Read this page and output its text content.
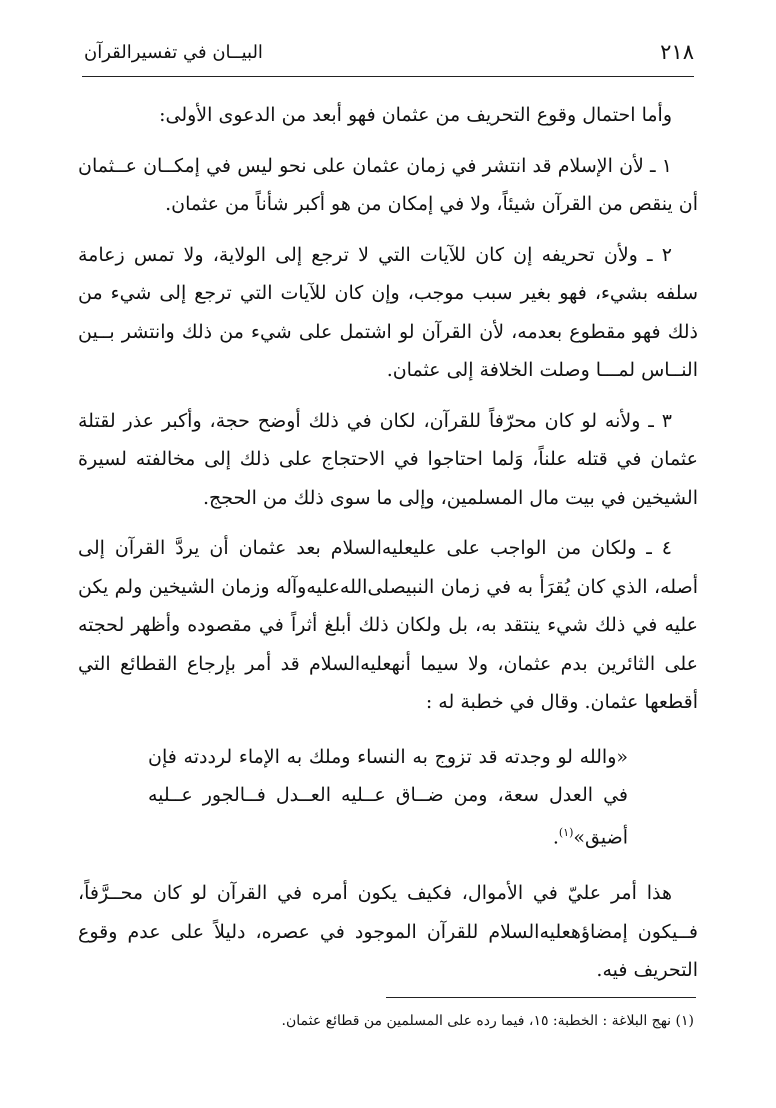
٢١٨
البيــان في تفسيرالقرآن

وأما احتمال وقوع التحريف من عثمان فهو أبعد من الدعوى الأولى:

١ ـ لأن الإسلام قد انتشر في زمان عثمان على نحو ليس في إمكــان عــثمان أن ينقص من القرآن شيئاً، ولا في إمكان من هو أكبر شأناً من عثمان.

٢ ـ ولأن تحريفه إن كان للآيات التي لا ترجع إلى الولاية، ولا تمس زعامة سلفه بشيء، فهو بغير سبب موجب، وإن كان للآيات التي ترجع إلى شيء من ذلك فهو مقطوع بعدمه، لأن القرآن لو اشتمل على شيء من ذلك وانتشر بــين النــاس لمـــا وصلت الخلافة إلى عثمان.

٣ ـ ولأنه لو كان محرّفاً للقرآن، لكان في ذلك أوضح حجة، وأكبر عذر لقتلة عثمان في قتله علناً، وَلما احتاجوا في الاحتجاج على ذلك إلى مخالفته لسيرة الشيخين في بيت مال المسلمين، وإلى ما سوى ذلك من الحجج.

٤ ـ ولكان من الواجب على عليعليه‌السلام بعد عثمان أن يردَّ القرآن إلى أصله، الذي كان يُقرَأ به في زمان النبيصلى‌الله‌عليه‌وآله وزمان الشيخين ولم يكن عليه في ذلك شيء ينتقد به، بل ولكان ذلك أبلغ أثراً في مقصوده وأظهر لحجته على الثائرين بدم عثمان، ولا سيما أنهعليه‌السلام قد أمر بإرجاع القطائع التي أقطعها عثمان. وقال في خطبة له :

«والله لو وجدته قد تزوج به النساء وملك به الإماء لرددته فإن في العدل سعة، ومن ضــاق عــليه العــدل فــالجور عــليه أضيق»$^{(١)}$.

هذا أمر عليّ في الأموال، فكيف يكون أمره في القرآن لو كان محــرَّفاً، فــيكون إمضاؤهعليه‌السلام للقرآن الموجود في عصره، دليلاً على عدم وقوع التحريف فيه.

(١) نهج البلاغة : الخطبة: ١٥، فيما رده على المسلمين من قطائع عثمان.
